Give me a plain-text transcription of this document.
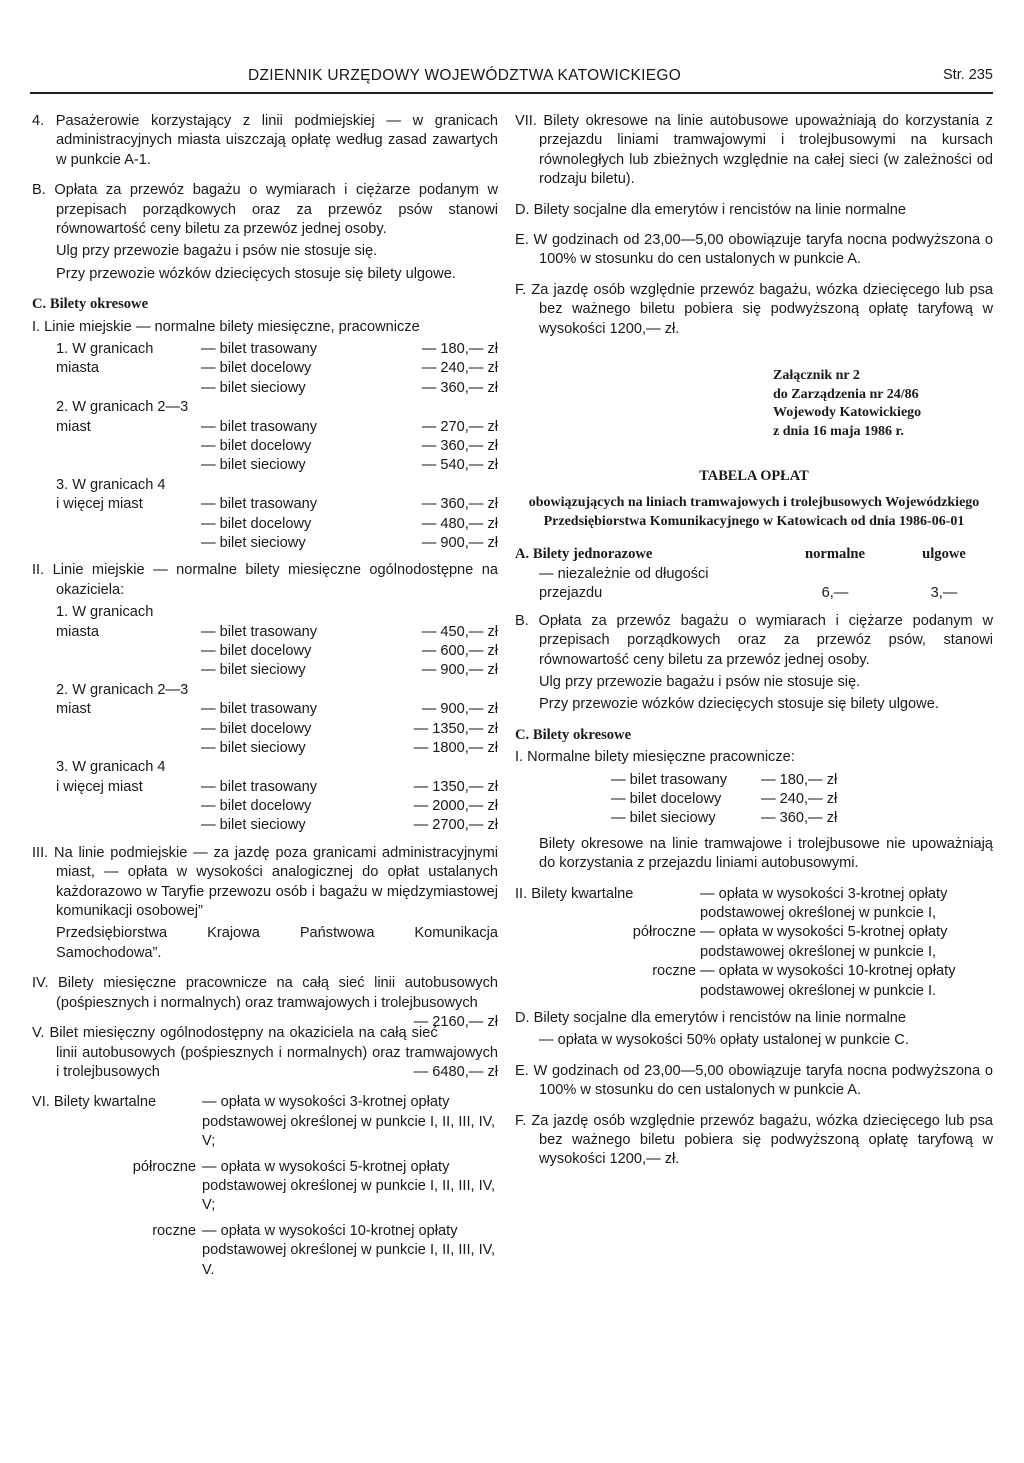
DZIENNIK URZĘDOWY WOJEWÓDZTWA KATOWICKIEGO	Str. 235

4. Pasażerowie korzystający z linii podmiejskiej — w granicach administracyjnych miasta uiszczają opłatę według zasad zawartych w punkcie A-1.

B. Opłata za przewóz bagażu o wymiarach i ciężarze podanym w przepisach porządkowych oraz za przewóz psów stanowi równowartość ceny biletu za przewóz jednej osoby.

Ulg przy przewozie bagażu i psów nie stosuje się.

Przy przewozie wózków dziecięcych stosuje się bilety ulgowe.

C. Bilety okresowe

I. Linie miejskie — normalne bilety miesięczne, pracownicze

1. W granicach	— bilet trasowany	— 180,— zł
miasta	— bilet docelowy	— 240,— zł
— bilet sieciowy	— 360,— zł
2. W granicach 2—3
miast	— bilet trasowany	— 270,— zł
— bilet docelowy	— 360,— zł
— bilet sieciowy	— 540,— zł
3. W granicach 4
i więcej miast	— bilet trasowany	— 360,— zł
— bilet docelowy	— 480,— zł
— bilet sieciowy	— 900,— zł

II. Linie miejskie — normalne bilety miesięczne ogólnodostępne na okaziciela:

1. W granicach
miasta	— bilet trasowany	— 450,— zł
— bilet docelowy	— 600,— zł
— bilet sieciowy	— 900,— zł
2. W granicach 2—3
miast	— bilet trasowany	— 900,— zł
— bilet docelowy	— 1350,— zł
— bilet sieciowy	— 1800,— zł
3. W granicach 4
i więcej miast	— bilet trasowany	— 1350,— zł
— bilet docelowy	— 2000,— zł
— bilet sieciowy	— 2700,— zł

III. Na linie podmiejskie — za jazdę poza granicami administracyjnymi miast, — opłata w wysokości analogicznej do opłat ustalanych każdorazowo w Taryfie przewozu osób i bagażu w międzymiastowej komunikacji osobowej”

Przedsiębiorstwa Krajowa Państwowa Komunikacja Samochodowa”.

IV. Bilety miesięczne pracownicze na całą sieć linii autobusowych (pośpiesznych i normalnych) oraz tramwajowych i trolejbusowych
— 2160,— zł

V. Bilet miesięczny ogólnodostępny na okaziciela na całą sieć linii autobusowych (pośpiesznych i normalnych) oraz tramwajowych i trolejbusowych	— 6480,— zł

VI. Bilety kwartalne	— opłata w wysokości 3-krotnej opłaty podstawowej określonej w punkcie I, II, III, IV, V;
półroczne — opłata w wysokości 5-krotnej opłaty podstawowej określonej w punkcie I, II, III, IV, V;
roczne — opłata w wysokości 10-krotnej opłaty podstawowej określonej w punkcie I, II, III, IV, V.

VII. Bilety okresowe na linie autobusowe upoważniają do korzystania z przejazdu liniami tramwajowymi i trolejbusowymi na kursach równoległych lub zbieżnych względnie na całej sieci (w zależności od rodzaju biletu).

D. Bilety socjalne dla emerytów i rencistów na linie normalne

E. W godzinach od 23,00—5,00 obowiązuje taryfa nocna podwyższona o 100% w stosunku do cen ustalonych w punkcie A.

F. Za jazdę osób względnie przewóz bagażu, wózka dziecięcego lub psa bez ważnego biletu pobiera się podwyższoną opłatę taryfową w wysokości 1200,— zł.

Załącznik nr 2
do Zarządzenia nr 24/86
Wojewody Katowickiego
z dnia 16 maja 1986 r.
TABELA OPŁAT
obowiązujących na liniach tramwajowych i trolejbusowych Wojewódzkiego Przedsiębiorstwa Komunikacyjnego w Katowicach od dnia 1986-06-01
A. Bilety jednorazowe	normalne	ulgowe
— niezależnie od długości
przejazdu	6,—	3,—

B. Opłata za przewóz bagażu o wymiarach i ciężarze podanym w przepisach porządkowych oraz za przewóz psów, stanowi równowartość ceny biletu za przewóz jednej osoby.

Ulg przy przewozie bagażu i psów nie stosuje się.

Przy przewozie wózków dziecięcych stosuje się bilety ulgowe.

C. Bilety okresowe

I. Normalne bilety miesięczne pracownicze:

— bilet trasowany	— 180,— zł
— bilet docelowy	— 240,— zł
— bilet sieciowy	— 360,— zł

Bilety okresowe na linie tramwajowe i trolejbusowe nie upoważniają do korzystania z przejazdu liniami autobusowymi.

II. Bilety kwartalne	— opłata w wysokości 3-krotnej opłaty podstawowej określonej w punkcie I,
półroczne — opłata w wysokości 5-krotnej opłaty podstawowej określonej w punkcie I,
roczne — opłata w wysokości 10-krotnej opłaty podstawowej określonej w punkcie I.

D. Bilety socjalne dla emerytów i rencistów na linie normalne

— opłata w wysokości 50% opłaty ustalonej w punkcie C.

E. W godzinach od 23,00—5,00 obowiązuje taryfa nocna podwyższona o 100% w stosunku do cen ustalonych w punkcie A.

F. Za jazdę osób względnie przewóz bagażu, wózka dziecięcego lub psa bez ważnego biletu pobiera się podwyższoną opłatę taryfową w wysokości 1200,— zł.
